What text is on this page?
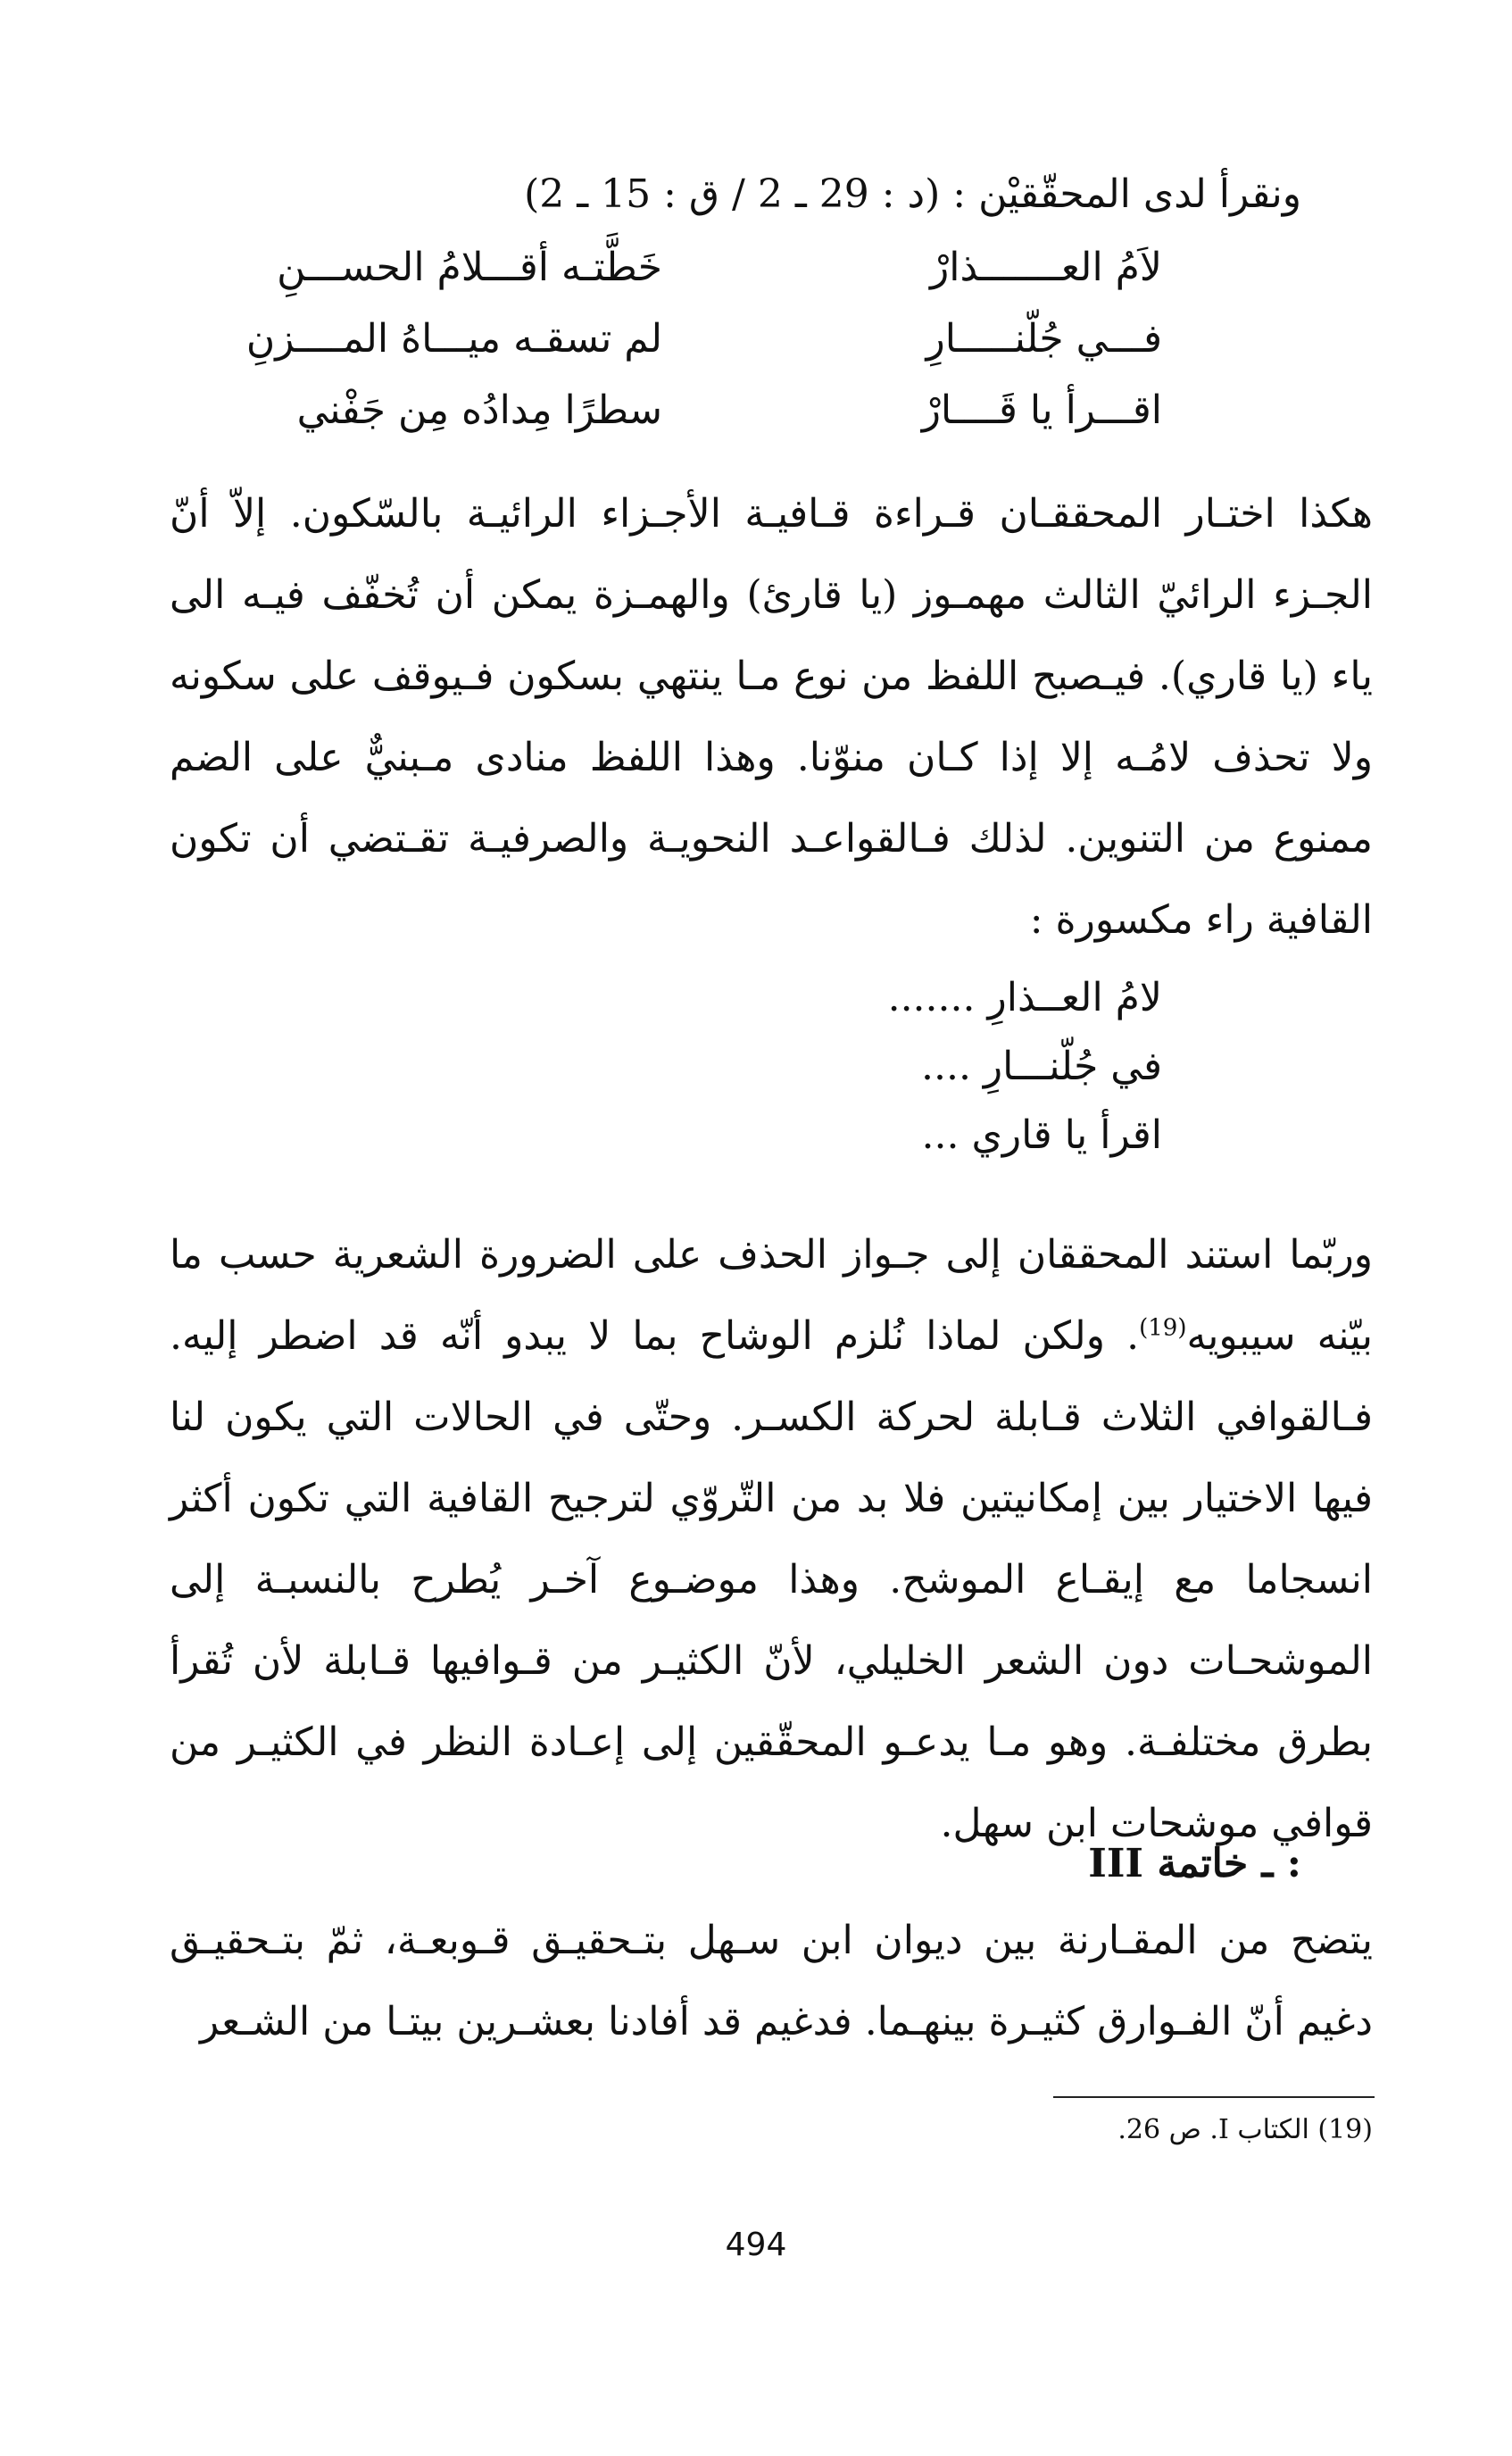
ونقرأ لدى المحقّقيْن : (د : 29 ـ 2 / ق : 15 ـ 2)
لاَمُ العـــــــذارْ
خَطَّتـه أقـــلامُ الحســـنِ
فـــي جُلّنـــــارِ
لم تسقـه ميـــاهُ المــــزنِ
اقـــرأ يا قَــــارْ
سطرًا مِدادُه مِن جَفْني
هكذا اختـار المحققـان قـراءة قـافيـة الأجـزاء الرائيـة بالسّكون. إلاّ أنّ الجـزء الرائيّ الثالث مهمـوز (يا قارئ) والهمـزة يمكن أن تُخفّف فيـه الى ياء (يا قاري). فيـصبح اللفظ من نوع مـا ينتهي بسكون فـيوقف على سكونه ولا تحذف لامُـه إلا إذا كـان منوّنا. وهذا اللفظ منادى مـبنيٌّ على الضم ممنوع من التنوين. لذلك فـالقواعـد النحويـة والصرفيـة تقـتضي أن تكون القافية راء مكسورة :
لامُ العــذارِ .......
في جُلّنـــارِ ....
اقرأ يا قاري ...
وربّما استند المحققان إلى جـواز الحذف على الضرورة الشعرية حسب ما بيّنه سيبويه$^{(19)}$. ولكن لماذا نُلزم الوشاح بما لا يبدو أنّه قد اضطر إليه. فـالقوافي الثلاث قـابلة لحركة الكسـر. وحتّى في الحالات التي يكون لنا فيها الاختيار بين إمكانيتين فلا بد من التّروّي لترجيح القافية التي تكون أكثر انسجاما مع إيقـاع الموشح. وهذا موضـوع آخـر يُطرح بالنسبـة إلى الموشحـات دون الشعر الخليلي، لأنّ الكثيـر من قـوافيها قـابلة لأن تُقرأ بطرق مختلفـة. وهو مـا يدعـو المحقّقين إلى إعـادة النظر في الكثيـر من قوافي موشحات ابن سهل.
III ـ خاتمة :
يتضح من المقـارنة بين ديوان ابن سـهل بتـحقيـق قـوبعـة، ثمّ بتـحقيـق دغيم أنّ الفـوارق كثيـرة بينهـما. فدغيم قد أفادنا بعشـرين بيتـا من الشـعر
(19) الكتاب I. ص 26.
494
